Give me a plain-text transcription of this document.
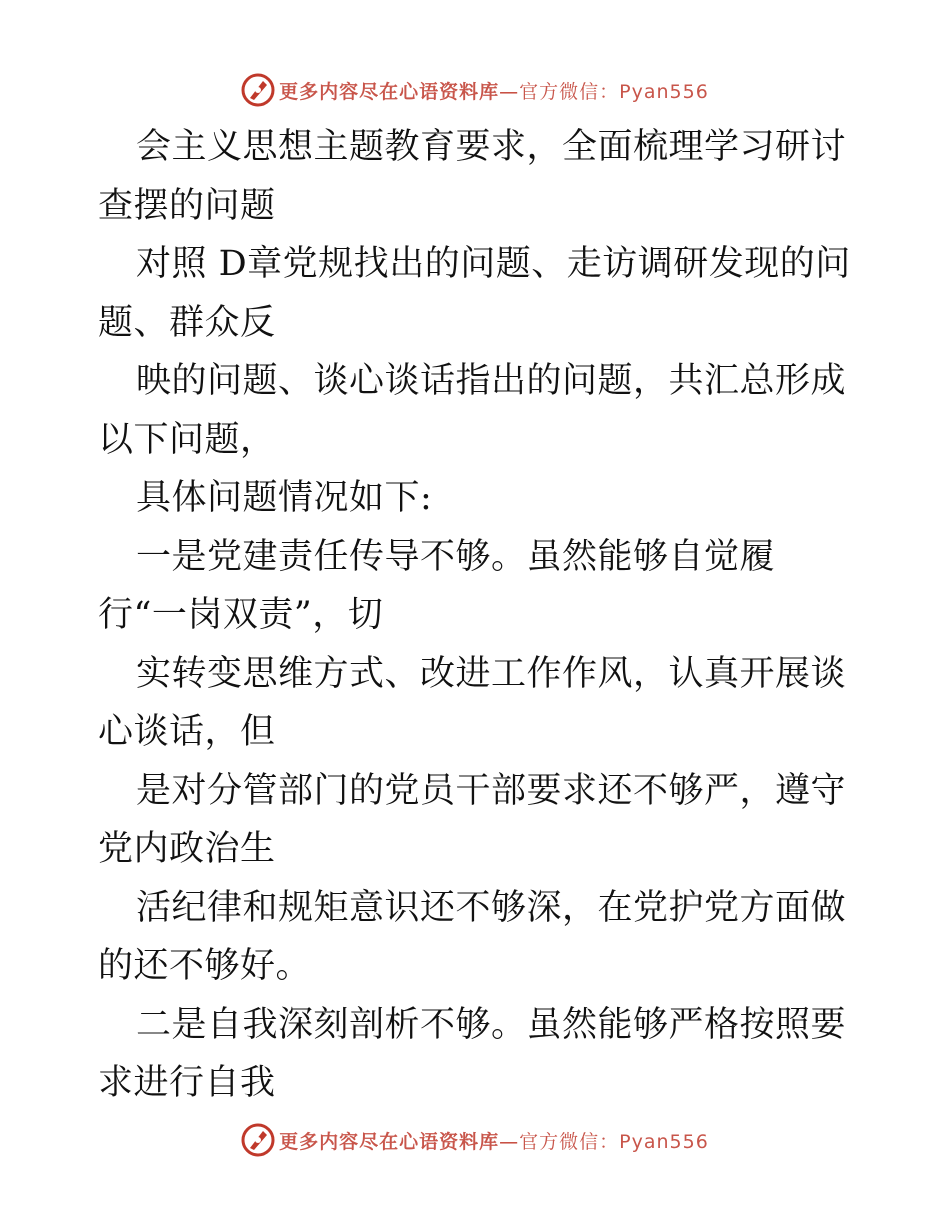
更多内容尽在心语资料库—官方微信：Pyan556

会主义思想主题教育要求，全面梳理学习研讨查摆的问题

对照 D章党规找出的问题、走访调研发现的问题、群众反

映的问题、谈心谈话指出的问题，共汇总形成以下问题，

具体问题情况如下:

一是党建责任传导不够。虽然能够自觉履行“一岗双责”，切

实转变思维方式、改进工作作风，认真开展谈心谈话，但

是对分管部门的党员干部要求还不够严，遵守党内政治生

活纪律和规矩意识还不够深，在党护党方面做的还不够好。

二是自我深刻剖析不够。虽然能够严格按照要求进行自我

更多内容尽在心语资料库—官方微信：Pyan556
